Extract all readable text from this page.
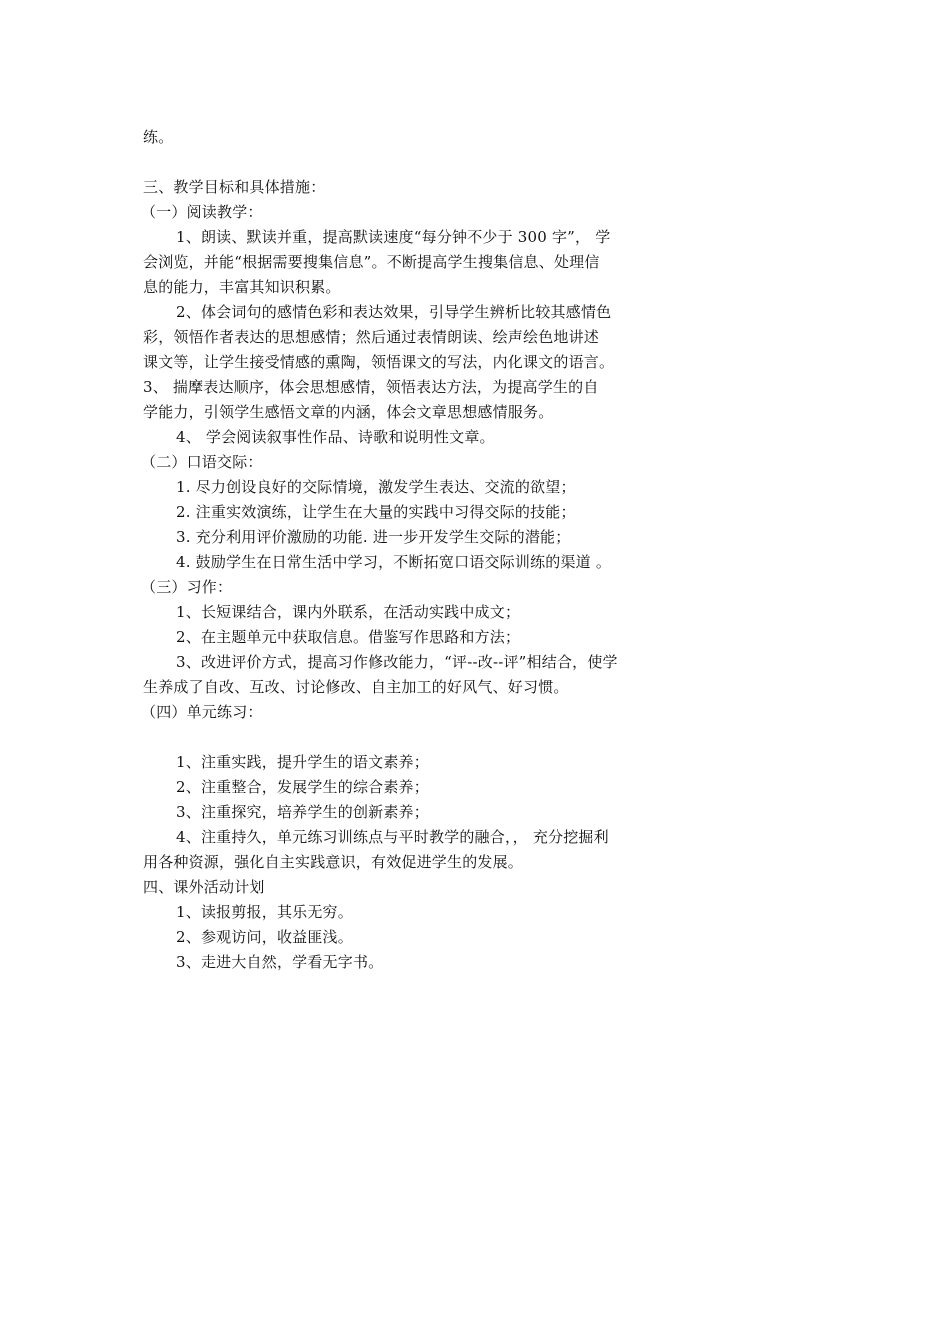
练。
三、教学目标和具体措施：
（一）阅读教学：
1、朗读、默读并重，提高默读速度“每分钟不少于 300 字”， 学
会浏览，并能“根据需要搜集信息”。不断提高学生搜集信息、处理信
息的能力，丰富其知识积累。
2、体会词句的感情色彩和表达效果，引导学生辨析比较其感情色
彩，领悟作者表达的思想感情；然后通过表情朗读、绘声绘色地讲述
课文等，让学生接受情感的熏陶，领悟课文的写法，内化课文的语言。
3、 揣摩表达顺序，体会思想感情，领悟表达方法，为提高学生的自
学能力，引领学生感悟文章的内涵，体会文章思想感情服务。
4、 学会阅读叙事性作品、诗歌和说明性文章。
（二）口语交际：
1. 尽力创设良好的交际情境，激发学生表达、交流的欲望；
2. 注重实效演练，让学生在大量的实践中习得交际的技能；
3. 充分利用评价激励的功能. 进一步开发学生交际的潜能；
4. 鼓励学生在日常生活中学习，不断拓宽口语交际训练的渠道 。
（三）习作：
1、长短课结合，课内外联系，在活动实践中成文；
2、在主题单元中获取信息。借鉴写作思路和方法；
3、改进评价方式，提高习作修改能力，“评--改--评”相结合，使学
生养成了自改、互改、讨论修改、自主加工的好风气、好习惯。
（四）单元练习：
1、注重实践，提升学生的语文素养；
2、注重整合，发展学生的综合素养；
3、注重探究，培养学生的创新素养；
4、注重持久，单元练习训练点与平时教学的融合，， 充分挖掘利
用各种资源，强化自主实践意识，有效促进学生的发展。
四、课外活动计划
1、读报剪报，其乐无穷。
2、参观访问，收益匪浅。
3、走进大自然，学看无字书。
